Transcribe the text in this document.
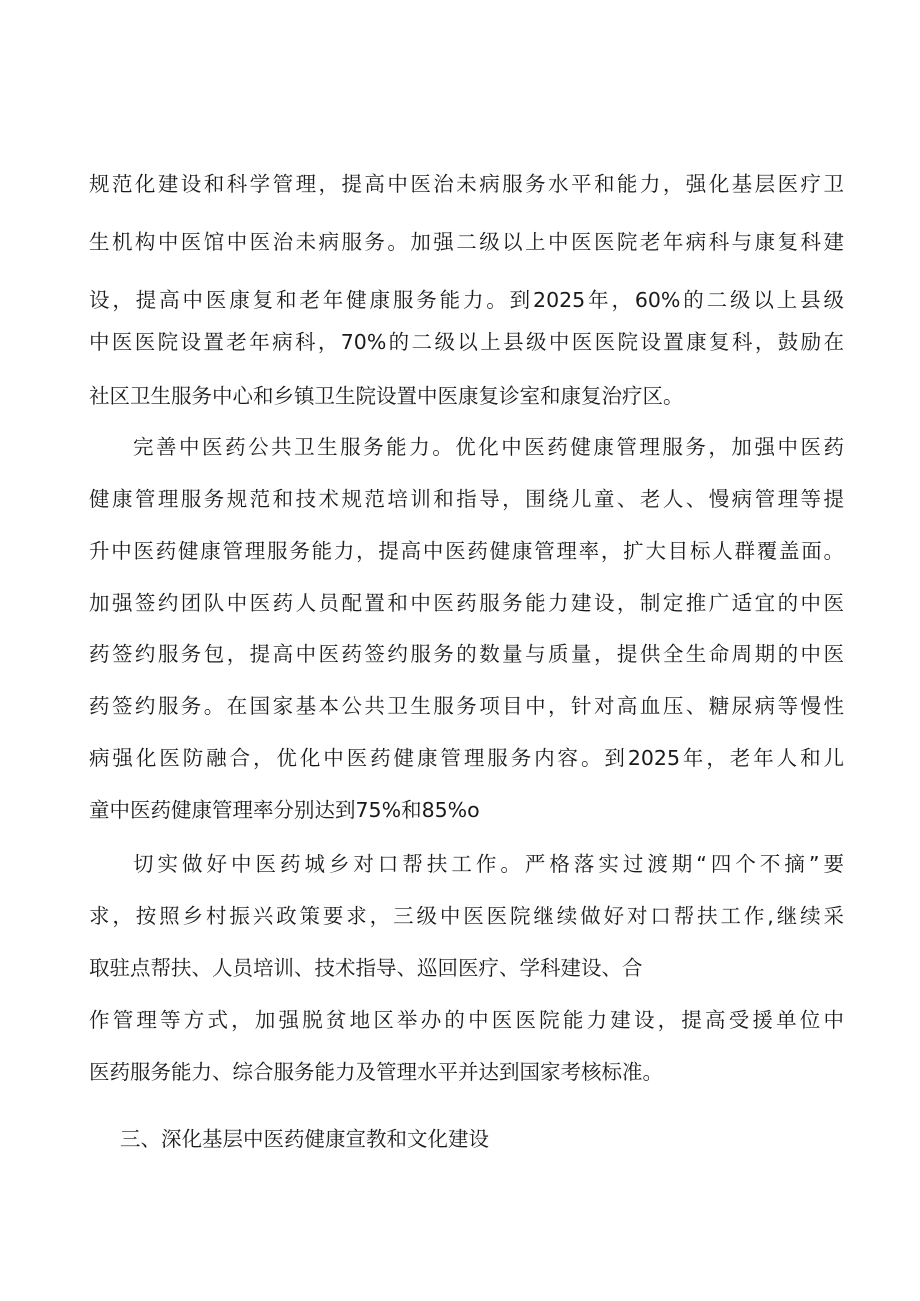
规范化建设和科学管理，提高中医治未病服务水平和能力，强化基层医疗卫
生机构中医馆中医治未病服务。加强二级以上中医医院老年病科与康复科建
设，提高中医康复和老年健康服务能力。到2025年，60%的二级以上县级
中医医院设置老年病科，70%的二级以上县级中医医院设置康复科，鼓励在
社区卫生服务中心和乡镇卫生院设置中医康复诊室和康复治疗区。
完善中医药公共卫生服务能力。优化中医药健康管理服务，加强中医药
健康管理服务规范和技术规范培训和指导，围绕儿童、老人、慢病管理等提
升中医药健康管理服务能力，提高中医药健康管理率，扩大目标人群覆盖面。
加强签约团队中医药人员配置和中医药服务能力建设，制定推广适宜的中医
药签约服务包，提高中医药签约服务的数量与质量，提供全生命周期的中医
药签约服务。在国家基本公共卫生服务项目中，针对高血压、糖尿病等慢性
病强化医防融合，优化中医药健康管理服务内容。到2025年，老年人和儿
童中医药健康管理率分别达到75%和85%o
切实做好中医药城乡对口帮扶工作。严格落实过渡期“四个不摘”要
求，按照乡村振兴政策要求，三级中医医院继续做好对口帮扶工作,继续采
取驻点帮扶、人员培训、技术指导、巡回医疗、学科建设、合
作管理等方式，加强脱贫地区举办的中医医院能力建设，提高受援单位中
医药服务能力、综合服务能力及管理水平并达到国家考核标准。
三、深化基层中医药健康宣教和文化建设
